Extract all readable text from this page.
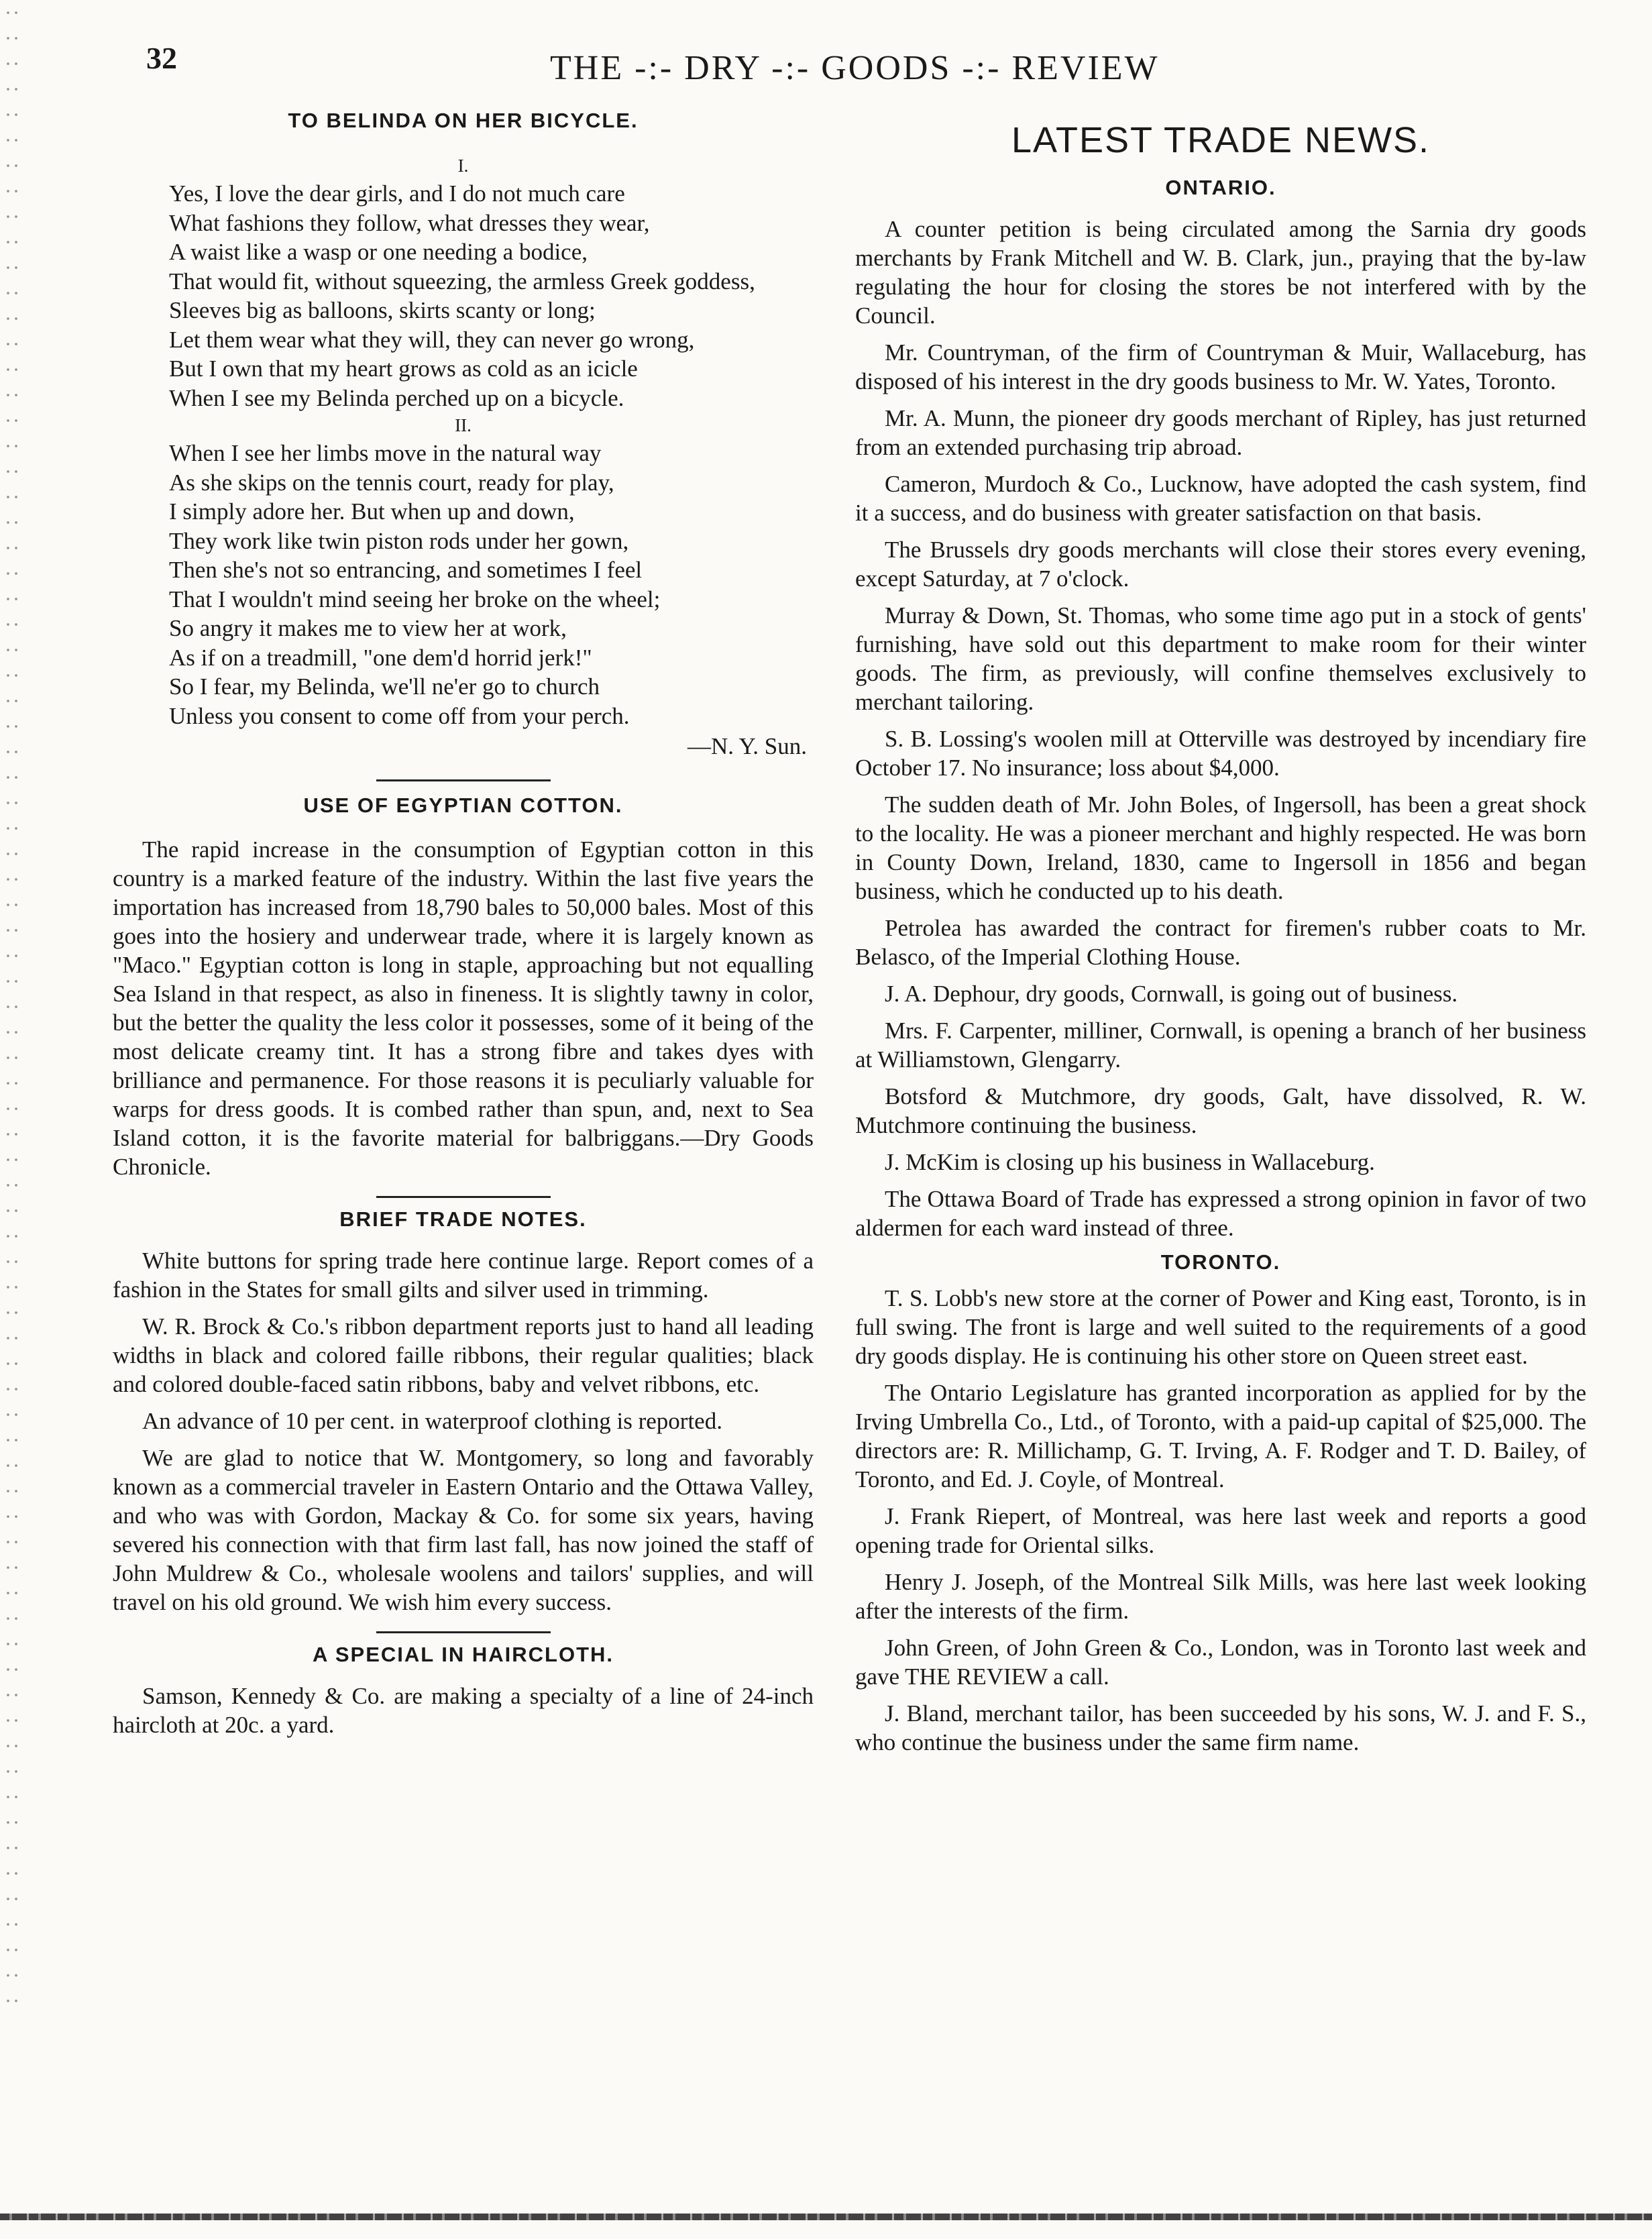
32	THE -:- DRY -:- GOODS -:- REVIEW
TO BELINDA ON HER BICYCLE.

I.

Yes, I love the dear girls, and I do not much care

What fashions they follow, what dresses they wear,

A waist like a wasp or one needing a bodice,

That would fit, without squeezing, the armless Greek goddess,

Sleeves big as balloons, skirts scanty or long;

Let them wear what they will, they can never go wrong,

But I own that my heart grows as cold as an icicle

When I see my Belinda perched up on a bicycle.

II.

When I see her limbs move in the natural way

As she skips on the tennis court, ready for play,

I simply adore her. But when up and down,

They work like twin piston rods under her gown,

Then she's not so entrancing, and sometimes I feel

That I wouldn't mind seeing her broke on the wheel;

So angry it makes me to view her at work,

As if on a treadmill, "one dem'd horrid jerk!"

So I fear, my Belinda, we'll ne'er go to church

Unless you consent to come off from your perch.

—N. Y. Sun.

USE OF EGYPTIAN COTTON.

The rapid increase in the consumption of Egyptian cotton in this country is a marked feature of the industry. Within the last five years the importation has increased from 18,790 bales to 50,000 bales. Most of this goes into the hosiery and underwear trade, where it is largely known as "Maco." Egyptian cotton is long in staple, approaching but not equalling Sea Island in that respect, as also in fineness. It is slightly tawny in color, but the better the quality the less color it possesses, some of it being of the most delicate creamy tint. It has a strong fibre and takes dyes with brilliance and permanence. For those reasons it is peculiarly valuable for warps for dress goods. It is combed rather than spun, and, next to Sea Island cotton, it is the favorite material for balbriggans.—Dry Goods Chronicle.

BRIEF TRADE NOTES.

White buttons for spring trade here continue large. Report comes of a fashion in the States for small gilts and silver used in trimming.

W. R. Brock & Co.'s ribbon department reports just to hand all leading widths in black and colored faille ribbons, their regular qualities; black and colored double-faced satin ribbons, baby and velvet ribbons, etc.

An advance of 10 per cent. in waterproof clothing is reported.

We are glad to notice that W. Montgomery, so long and favorably known as a commercial traveler in Eastern Ontario and the Ottawa Valley, and who was with Gordon, Mackay & Co. for some six years, having severed his connection with that firm last fall, has now joined the staff of John Muldrew & Co., wholesale woolens and tailors' supplies, and will travel on his old ground. We wish him every success.

A SPECIAL IN HAIRCLOTH.

Samson, Kennedy & Co. are making a specialty of a line of 24-inch haircloth at 20c. a yard.

LATEST TRADE NEWS.
ONTARIO.

A counter petition is being circulated among the Sarnia dry goods merchants by Frank Mitchell and W. B. Clark, jun., praying that the by-law regulating the hour for closing the stores be not interfered with by the Council.

Mr. Countryman, of the firm of Countryman & Muir, Wallaceburg, has disposed of his interest in the dry goods business to Mr. W. Yates, Toronto.

Mr. A. Munn, the pioneer dry goods merchant of Ripley, has just returned from an extended purchasing trip abroad.

Cameron, Murdoch & Co., Lucknow, have adopted the cash system, find it a success, and do business with greater satisfaction on that basis.

The Brussels dry goods merchants will close their stores every evening, except Saturday, at 7 o'clock.

Murray & Down, St. Thomas, who some time ago put in a stock of gents' furnishing, have sold out this department to make room for their winter goods. The firm, as previously, will confine themselves exclusively to merchant tailoring.

S. B. Lossing's woolen mill at Otterville was destroyed by incendiary fire October 17. No insurance; loss about $4,000.

The sudden death of Mr. John Boles, of Ingersoll, has been a great shock to the locality. He was a pioneer merchant and highly respected. He was born in County Down, Ireland, 1830, came to Ingersoll in 1856 and began business, which he conducted up to his death.

Petrolea has awarded the contract for firemen's rubber coats to Mr. Belasco, of the Imperial Clothing House.

J. A. Dephour, dry goods, Cornwall, is going out of business.

Mrs. F. Carpenter, milliner, Cornwall, is opening a branch of her business at Williamstown, Glengarry.

Botsford & Mutchmore, dry goods, Galt, have dissolved, R. W. Mutchmore continuing the business.

J. McKim is closing up his business in Wallaceburg.

The Ottawa Board of Trade has expressed a strong opinion in favor of two aldermen for each ward instead of three.

TORONTO.

T. S. Lobb's new store at the corner of Power and King east, Toronto, is in full swing. The front is large and well suited to the requirements of a good dry goods display. He is continuing his other store on Queen street east.

The Ontario Legislature has granted incorporation as applied for by the Irving Umbrella Co., Ltd., of Toronto, with a paid-up capital of $25,000. The directors are: R. Millichamp, G. T. Irving, A. F. Rodger and T. D. Bailey, of Toronto, and Ed. J. Coyle, of Montreal.

J. Frank Riepert, of Montreal, was here last week and reports a good opening trade for Oriental silks.

Henry J. Joseph, of the Montreal Silk Mills, was here last week looking after the interests of the firm.

John Green, of John Green & Co., London, was in Toronto last week and gave THE REVIEW a call.

J. Bland, merchant tailor, has been succeeded by his sons, W. J. and F. S., who continue the business under the same firm name.
